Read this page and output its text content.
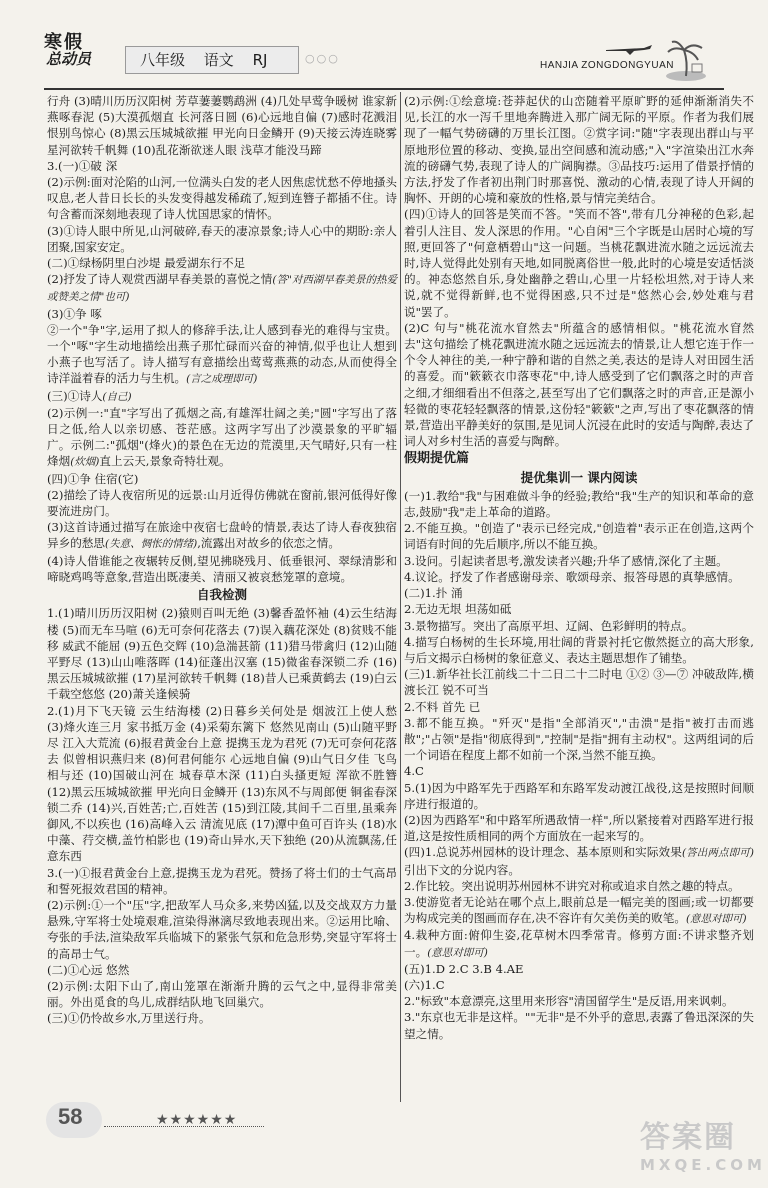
寒假
总动员	八年级 语文 RJ	○○○
HANJIA ZONGDONGYUAN

行舟 (3)晴川历历汉阳树 芳草萋萋鹦鹉洲 (4)几处早莺争暖树 谁家新燕啄春泥 (5)大漠孤烟直 长河落日圆 (6)心远地自偏 (7)感时花溅泪 恨别鸟惊心 (8)黑云压城城欲摧 甲光向日金鳞开 (9)天接云涛连晓雾 星河欲转千帆舞 (10)乱花渐欲迷人眼 浅草才能没马蹄

3.(一)①破 深

(2)示例:面对沦陷的山河,一位满头白发的老人因焦虑忧愁不停地搔头叹息,老人昔日长长的头发变得越发稀疏了,短到连簪子都插不住。诗句含蓄而深刻地表现了诗人忧国思家的情怀。

(3)①诗人眼中所见,山河破碎,春天的凄凉景象;诗人心中的期盼:亲人团聚,国家安定。

(二)①绿杨阴里白沙堤 最爱湖东行不足

(2)抒发了诗人观赏西湖早春美景的喜悦之情(答"对西湖早春美景的热爱或赞美之情"也可)

(3)①争 啄

②一个"争"字,运用了拟人的修辞手法,让人感到春光的难得与宝贵。一个"啄"字生动地描绘出燕子那忙碌而兴奋的神情,似乎也让人想到小燕子也写活了。诗人描写有意描绘出莺莺燕燕的动态,从而使得全诗洋溢着春的活力与生机。(言之成理即可)

(三)①诗人(自己)

(2)示例一:"直"字写出了孤烟之高,有雄浑壮阔之美;"圆"字写出了落日之低,给人以亲切感、苍茫感。这两字写出了沙漠景象的平旷辐广。示例二:"孤烟"(烽火)的景色在无边的荒漠里,天气晴好,只有一柱烽烟(炊烟)直上云天,景象奇特壮观。

(四)①争 住宿(它)

(2)描绘了诗人夜宿所见的远景:山月近得仿佛就在窗前,银河低得好像要流进房门。

(3)这首诗通过描写在旅途中夜宿七盘岭的情景,表达了诗人春夜独宿异乡的愁思(失意、惆怅的情绪),流露出对故乡的依恋之情。

(4)诗人借谁能之夜辗转反侧,望见拂晓残月、低垂银河、翠绿清影和啼晓鸡鸣等意象,营造出既凄美、清丽又被哀愁笼罩的意境。

自我检测

1.(1)晴川历历汉阳树 (2)猿则百叫无绝 (3)馨香盈怀袖 (4)云生结海楼 (5)而无车马喧 (6)无可奈何花落去 (7)误入藕花深处 (8)贫贱不能移 威武不能屈 (9)五色交辉 (10)急湍甚箭 (11)猎马带禽归 (12)山随平野尽 (13)山山唯落晖 (14)征蓬出汉塞 (15)微雀春深锁二乔 (16)黑云压城城欲摧 (17)星河欲转千帆舞 (18)昔人已乘黄鹤去 (19)白云千载空悠悠 (20)萧关逢候骑

2.(1)月下飞天镜 云生结海楼 (2)日暮乡关何处是 烟波江上使人愁 (3)烽火连三月 家书抵万金 (4)采菊东篱下 悠然见南山 (5)山随平野尽 江入大荒流 (6)报君黄金台上意 提携玉龙为君死 (7)无可奈何花落去 似曾相识燕归来 (8)何君何能尔 心远地自偏 (9)山气日夕佳 飞鸟相与还 (10)国破山河在 城春草木深 (11)白头搔更短 浑欲不胜簪 (12)黑云压城城欲摧 甲光向日金鳞开 (13)东风不与周郎便 铜雀春深锁二乔 (14)兴,百姓苦;亡,百姓苦 (15)到江陵,其间千二百里,虽乘奔御风,不以疾也 (16)高峰入云 清流见底 (17)潭中鱼可百许头 (18)水中藻、荇交横,盖竹柏影也 (19)奇山异水,天下独绝 (20)从流飘荡,任意东西

3.(一)①报君黄金台上意,提携玉龙为君死。赞扬了将士们的士气高昂和誓死报效君国的精神。

(2)示例:①一个"压"字,把敌军人马众多,来势凶猛,以及交战双方力量悬殊,守军将士处境艰难,渲染得淋漓尽致地表现出来。②运用比喻、夸张的手法,渲染敌军兵临城下的紧张气氛和危急形势,突显守军将士的高昂士气。

(二)①心远 悠然

(2)示例:太阳下山了,南山笼罩在渐渐升腾的云气之中,显得非常美丽。外出觅食的鸟儿,成群结队地飞回巢穴。

(三)①仍怜故乡水,万里送行舟。

(2)示例:①绘意境:苍莽起伏的山峦随着平原旷野的延伸渐渐消失不见,长江的水一泻千里地奔腾进入那广阔无际的平原。作者为我们展现了一幅气势磅礴的万里长江图。②赏字词:"随"字表现出群山与平原地形位置的移动、变换,显出空间感和流动感;"入"字渲染出江水奔流的磅礴气势,表现了诗人的广阔胸襟。③品技巧:运用了借景抒情的方法,抒发了作者初出荆门时那喜悦、激动的心情,表现了诗人开阔的胸怀、开朗的心境和豪放的性格,景与情完美结合。

(四)①诗人的回答是笑而不答。"笑而不答",带有几分神秘的色彩,起着引人注目、发人深思的作用。"心自闲"三个字既是山居时心境的写照,更回答了"何意栖碧山"这一问题。当桃花飘进流水随之远远流去时,诗人觉得此处别有天地,如同脱离俗世一般,此时的心境是安适恬淡的。神态悠然自乐,身处幽静之碧山,心里一片轻松坦然,对于诗人来说,就不觉得新鲜,也不觉得困惑,只不过是"悠然心会,妙处难与君说"罢了。

(2)C 句与"桃花流水窅然去"所蕴含的感情相似。"桃花流水窅然去"这句描绘了桃花飘进流水随之远远流去的情景,让人想它连于作一个令人神往的美,一种宁静和谐的自然之美,表达的是诗人对田园生活的喜爱。而"簌簌衣巾落枣花"中,诗人感受到了它们飘落之时的声音之细,才细细看出不但落之,甚至写出了它们飘落之时的声音,正是源小轻微的枣花轻轻飘落的情景,这份轻"簌簌"之声,写出了枣花飘落的情景,营造出平静美好的氛围,是见词人沉浸在此时的安适与陶醉,表达了词人对乡村生活的喜爱与陶醉。

假期提优篇

提优集训一 课内阅读

(一)1.教给"我"与困难做斗争的经验;教给"我"生产的知识和革命的意志,鼓励"我"走上革命的道路。

2.不能互换。"创造了"表示已经完成,"创造着"表示正在创造,这两个词语有时间的先后顺序,所以不能互换。

3.设问。引起读者思考,激发读者兴趣;升华了感情,深化了主题。

4.议论。抒发了作者感谢母亲、歌颂母亲、报答母恩的真挚感情。

(二)1.扑 涌

2.无边无垠 坦荡如砥

3.景物描写。突出了高原平坦、辽阔、色彩鲜明的特点。

4.描写白杨树的生长环境,用壮阔的背景衬托它傲然挺立的高大形象,与后文揭示白杨树的象征意义、表达主题思想作了铺垫。

(三)1.新华社长江前线二十二日二十二时电 ①② ③—⑦ 冲破敌阵,横渡长江 锐不可当

2.不料 首先 已

3.都不能互换。"歼灭"是指"全部消灭","击溃"是指"被打击而逃散";"占领"是指"彻底得到","控制"是指"拥有主动权"。这两组词的后一个词语在程度上都不如前一个深,当然不能互换。

4.C

5.(1)因为中路军先于西路军和东路军发动渡江战役,这是按照时间顺序进行报道的。

(2)因为西路军"和中路军所遇敌情一样",所以紧接着对西路军进行报道,这是按性质相同的两个方面放在一起来写的。

(四)1.总说苏州园林的设计理念、基本原则和实际效果(答出两点即可)引出下文的分说内容。

2.作比较。突出说明苏州园林不讲究对称或追求自然之趣的特点。

3.使游览者无论站在哪个点上,眼前总是一幅完美的图画;或一切都要为构成完美的图画而存在,决不容许有欠美伤美的败笔。(意思对即可)

4.栽种方面:俯仰生姿,花草树木四季常青。修剪方面:不讲求整齐划一。(意思对即可)

(五)1.D 2.C 3.B 4.AE

(六)1.C

2."标致"本意漂亮,这里用来形容"清国留学生"是反语,用来讽刺。

3."东京也无非是这样。""无非"是不外乎的意思,表露了鲁迅深深的失望之情。

58	★★★★★★	答案圈
MXQE.COM
